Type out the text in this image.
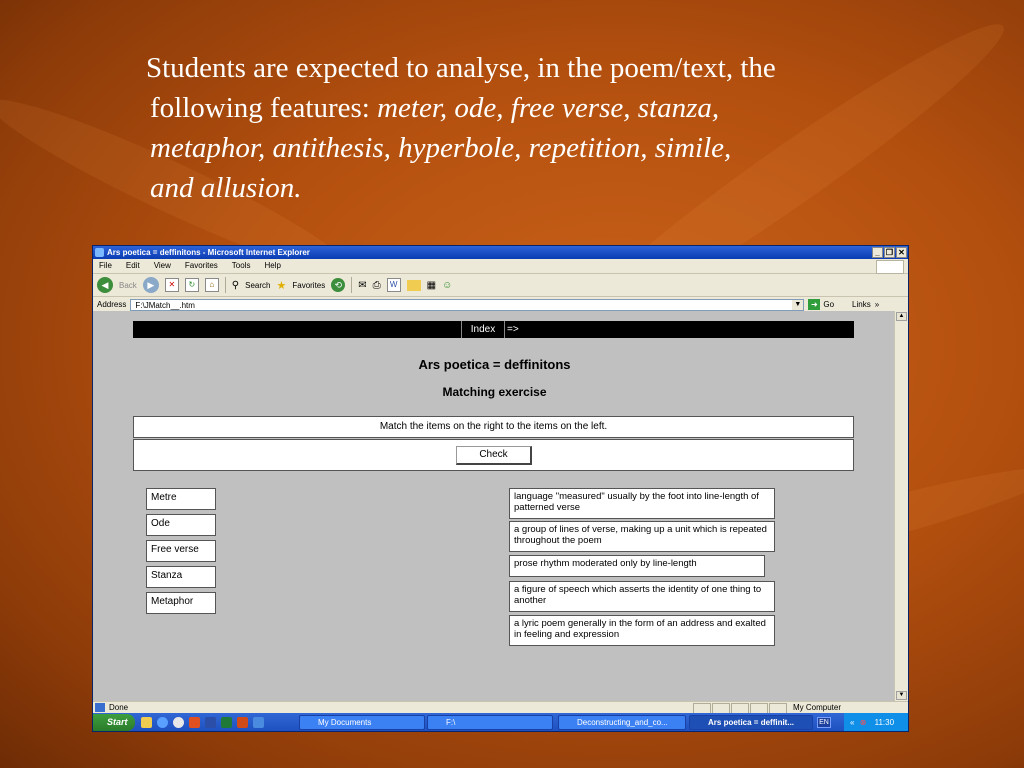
Students are expected to analyse, in the poem/text, the
following features: meter, ode, free verse, stanza,
metaphor, antithesis, hyperbole, repetition, simile,
and allusion.
Ars poetica = deffinitons - Microsoft Internet Explorer	_ ❐ ✕
File Edit View Favorites Tools Help
◀	Back	▶	✕	↻	⌂	⚲ Search ★ Favorites	⟲	✉ ⎙	W	▦ ☺
Address	F:\JMatch__.htm	▼	➜ Go Links »
Index	=>
Ars poetica = deffinitons
Matching exercise
Match the items on the right to the items on the left.
Check
Metre
Ode
Free verse
Stanza
Metaphor
language "measured" usually by the foot into line-length of patterned verse
a group of lines of verse, making up a unit which is repeated throughout the poem
prose rhythm moderated only by line-length
a figure of speech which asserts the identity of one thing to another
a lyric poem generally in the form of an address and exalted in feeling and expression
▲
▼
Done	My Computer
Start	My Documents	F:\	Deconstructing_and_co...	Ars poetica = deffinit...	EN	« ⊗ 11:30
